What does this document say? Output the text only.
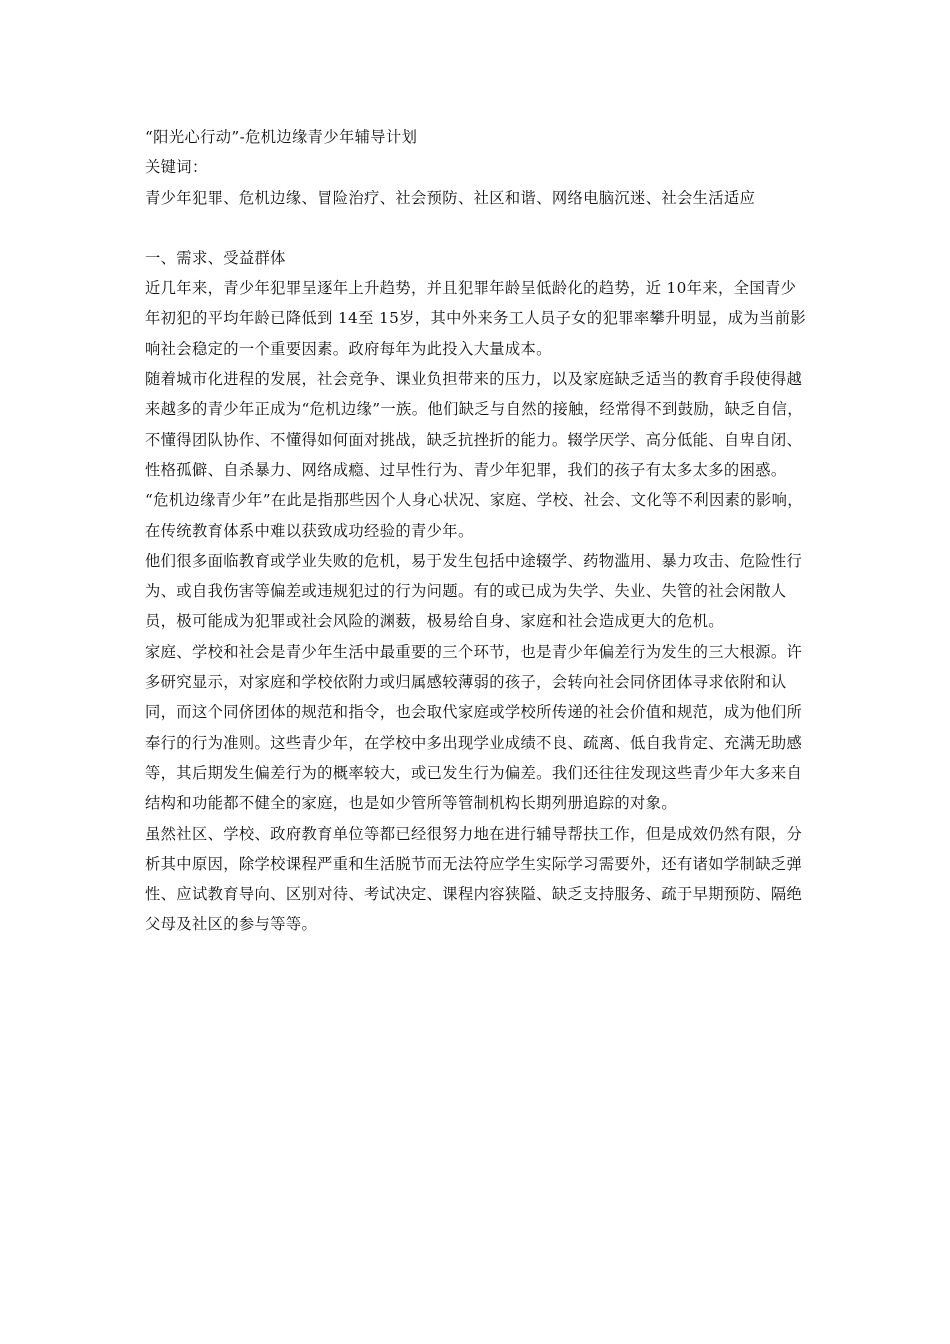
“阳光心行动”-危机边缘青少年辅导计划

关键词：

青少年犯罪、危机边缘、冒险治疗、社会预防、社区和谐、网络电脑沉迷、社会生活适应

一、需求、受益群体

近几年来，青少年犯罪呈逐年上升趋势，并且犯罪年龄呈低龄化的趋势，近 10年来，全国青少年初犯的平均年龄已降低到 14至 15岁，其中外来务工人员子女的犯罪率攀升明显，成为当前影响社会稳定的一个重要因素。政府每年为此投入大量成本。

随着城市化进程的发展，社会竞争、课业负担带来的压力，以及家庭缺乏适当的教育手段使得越来越多的青少年正成为“危机边缘”一族。他们缺乏与自然的接触，经常得不到鼓励，缺乏自信，不懂得团队协作、不懂得如何面对挑战，缺乏抗挫折的能力。辍学厌学、高分低能、自卑自闭、性格孤僻、自杀暴力、网络成瘾、过早性行为、青少年犯罪，我们的孩子有太多太多的困惑。

“危机边缘青少年”在此是指那些因个人身心状况、家庭、学校、社会、文化等不利因素的影响，在传统教育体系中难以获致成功经验的青少年。

他们很多面临教育或学业失败的危机，易于发生包括中途辍学、药物滥用、暴力攻击、危险性行为、或自我伤害等偏差或违规犯过的行为问题。有的或已成为失学、失业、失管的社会闲散人员，极可能成为犯罪或社会风险的渊薮，极易给自身、家庭和社会造成更大的危机。

家庭、学校和社会是青少年生活中最重要的三个环节，也是青少年偏差行为发生的三大根源。许多研究显示，对家庭和学校依附力或归属感较薄弱的孩子，会转向社会同侪团体寻求依附和认同，而这个同侪团体的规范和指令，也会取代家庭或学校所传递的社会价值和规范，成为他们所奉行的行为准则。这些青少年，在学校中多出现学业成绩不良、疏离、低自我肯定、充满无助感等，其后期发生偏差行为的概率较大，或已发生行为偏差。我们还往往发现这些青少年大多来自结构和功能都不健全的家庭，也是如少管所等管制机构长期列册追踪的对象。

虽然社区、学校、政府教育单位等都已经很努力地在进行辅导帮扶工作，但是成效仍然有限，分析其中原因，除学校课程严重和生活脱节而无法符应学生实际学习需要外，还有诸如学制缺乏弹性、应试教育导向、区别对待、考试决定、课程内容狭隘、缺乏支持服务、疏于早期预防、隔绝父母及社区的参与等等。
